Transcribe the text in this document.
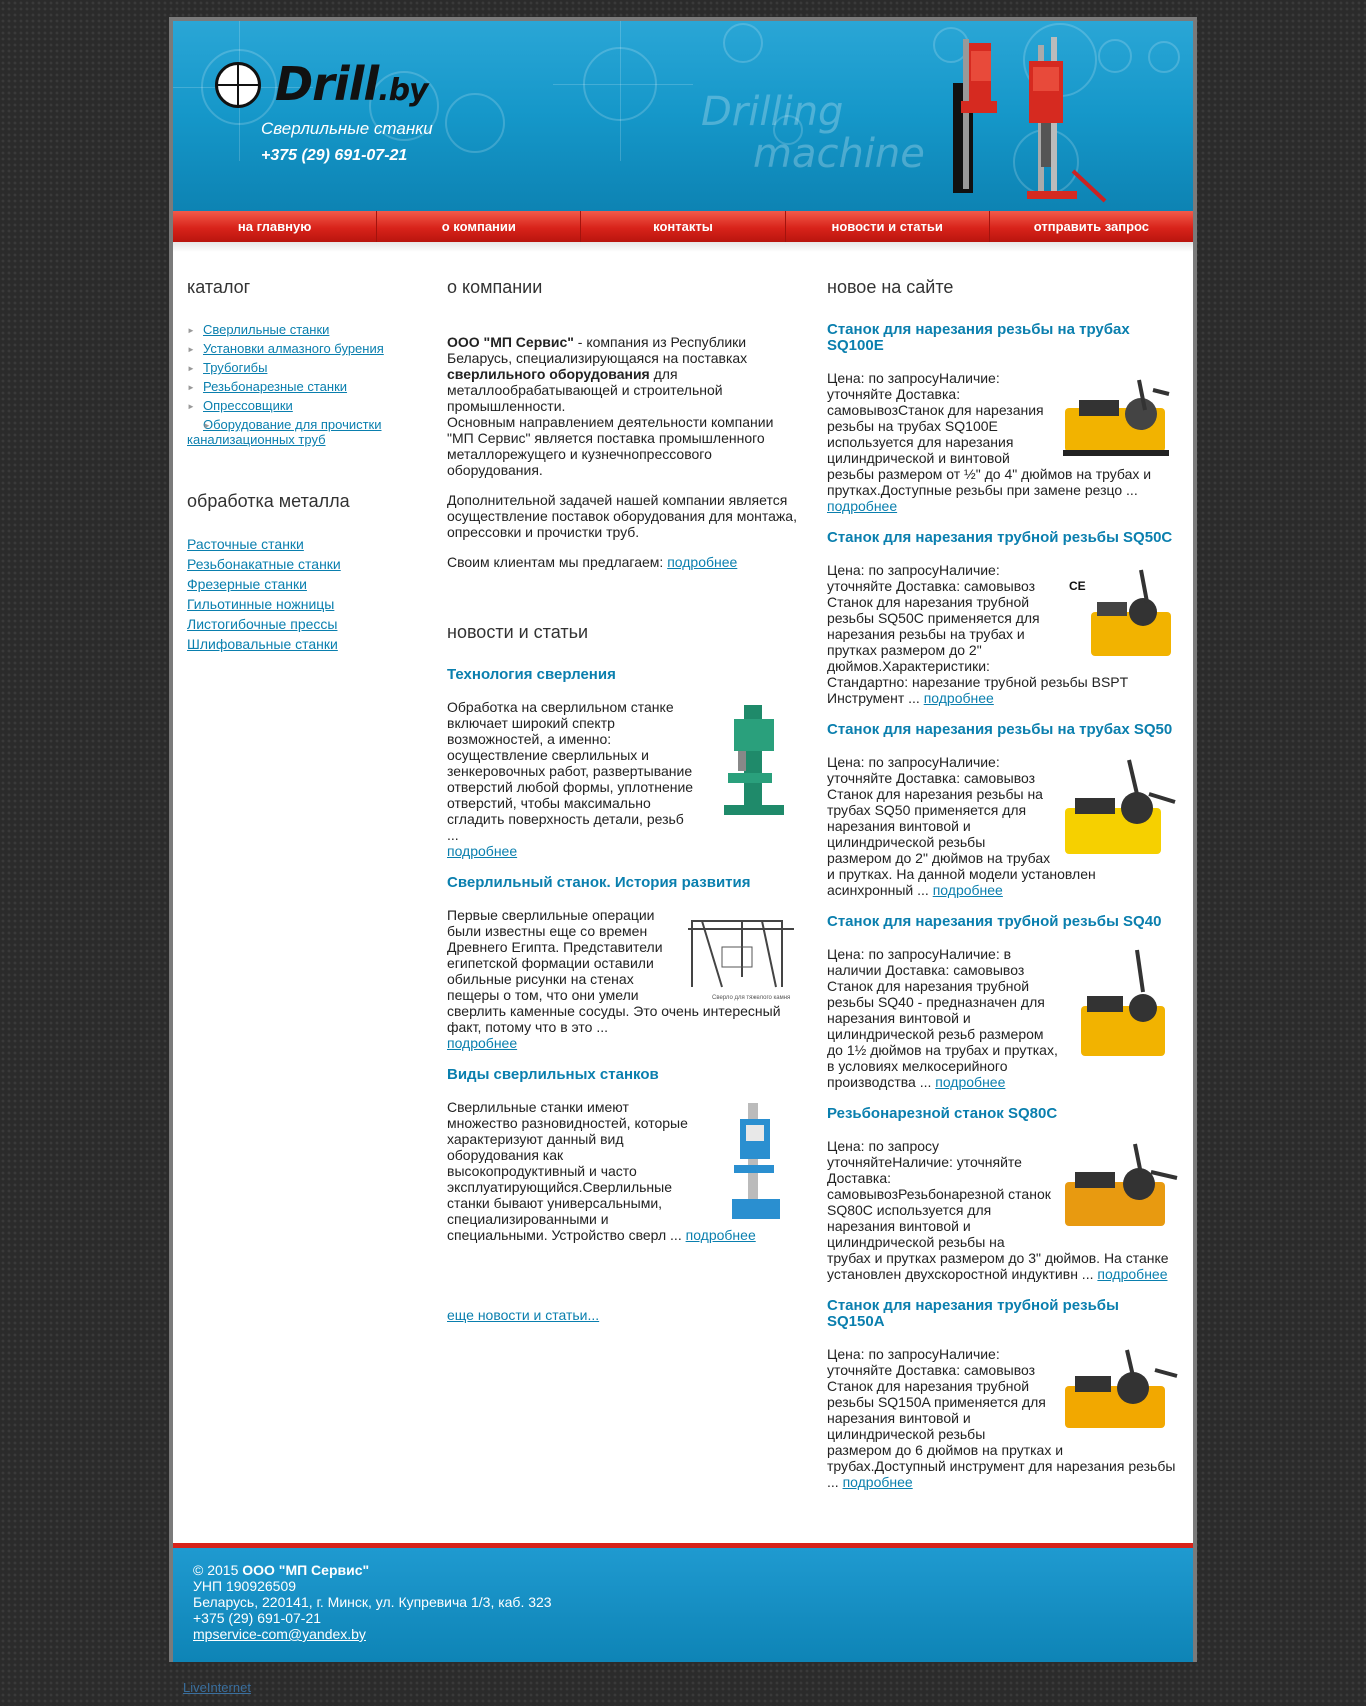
Drill.by
Сверлильные станки
+375 (29) 691-07-21
Drilling
machine
на главную	о компании	контакты	новости и статьи	отправить запрос
каталог
► Сверлильные станки
► Установки алмазного бурения
► Трубогибы
► Резьбонарезные станки
► Опрессовщики
► Оборудование для прочистки канализационных труб
обработка металла
Расточные станки
Резьбонакатные станки
Фрезерные станки
Гильотинные ножницы
Листогибочные прессы
Шлифовальные станки
о компании

ООО "МП Сервис" - компания из Республики Беларусь, специализирующаяся на поставках сверлильного оборудования для металлообрабатывающей и строительной промышленности.
Основным направлением деятельности компании "МП Сервис" является поставка промышленного металлорежущего и кузнечнопрессового оборудования.

Дополнительной задачей нашей компании является осуществление поставок оборудования для монтажа, опрессовки и прочистки труб.

Своим клиентам мы предлагаем: подробнее

новости и статьи
Технология сверления

Обработка на сверлильном станке включает широкий спектр возможностей, а именно: осуществление сверлильных и зенкеровочных работ, развертывание отверстий любой формы, уплотнение отверстий, чтобы максимально сгладить поверхность детали, резьб ...
подробнее

Сверлильный станок. История развития
Сверло для тяжелого камня

Первые сверлильные операции были известны еще со времен Древнего Египта. Представители египетской формации оставили обильные рисунки на стенах пещеры о том, что они умели сверлить каменные сосуды. Это очень интересный факт, потому что в это ...
подробнее

Виды сверлильных станков

Сверлильные станки имеют множество разновидностей, которые характеризуют данный вид оборудования как высокопродуктивный и часто эксплуатирующийся.Сверлильные станки бывают универсальными, специализированными и специальными. Устройство сверл ... подробнее

еще новости и статьи...
новое на сайте
Станок для нарезания резьбы на трубах SQ100E

Цена: по запросуНаличие: уточняйте Доставка: самовывозСтанок для нарезания резьбы на трубах SQ100E используется для нарезания цилиндрической и винтовой резьбы размером от ½" до 4" дюймов на трубах и прутках.Доступные резьбы при замене резцо ... подробнее

Станок для нарезания трубной резьбы SQ50C
CE

Цена: по запросуНаличие: уточняйте Доставка: самовывоз Станок для нарезания трубной резьбы SQ50C применяется для нарезания резьбы на трубах и прутках размером до 2" дюймов.Характеристики: Стандартно: нарезание трубной резьбы BSPT Инструмент ... подробнее

Станок для нарезания резьбы на трубах SQ50

Цена: по запросуНаличие: уточняйте Доставка: самовывоз Станок для нарезания резьбы на трубах SQ50 применяется для нарезания винтовой и цилиндрической резьбы размером до 2" дюймов на трубах и прутках. На данной модели установлен асинхронный ... подробнее

Станок для нарезания трубной резьбы SQ40

Цена: по запросуНаличие: в наличии Доставка: самовывоз Станок для нарезания трубной резьбы SQ40 - предназначен для нарезания винтовой и цилиндрической резьб размером до 1½ дюймов на трубах и прутках, в условиях мелкосерийного производства ... подробнее

Резьбонарезной станок SQ80C

Цена: по запросу уточняйтеНаличие: уточняйте Доставка: самовывозРезьбонарезной станок SQ80C используется для нарезания винтовой и цилиндрической резьбы на трубах и прутках размером до 3" дюймов. На станке установлен двухскоростной индуктивн ... подробнее

Станок для нарезания трубной резьбы SQ150A

Цена: по запросуНаличие: уточняйте Доставка: самовывоз Станок для нарезания трубной резьбы SQ150A применяется для нарезания винтовой и цилиндрической резьбы размером до 6 дюймов на прутках и трубах.Доступный инструмент для нарезания резьбы ... подробнее

© 2015 ООО "МП Сервис"
УНП 190926509
Беларусь, 220141, г. Минск, ул. Купревича 1/3, каб. 323
+375 (29) 691-07-21
mpservice-com@yandex.by
LiveInternet
